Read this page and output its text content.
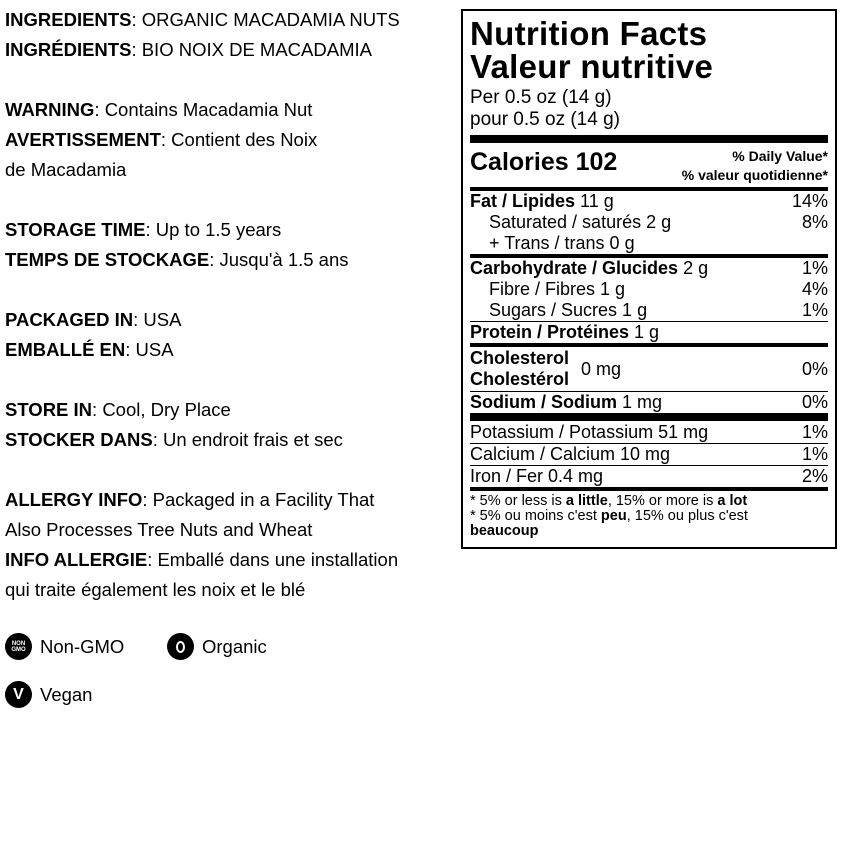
INGREDIENTS: ORGANIC MACADAMIA NUTS
INGRÉDIENTS: BIO NOIX DE MACADAMIA
WARNING: Contains Macadamia Nut
AVERTISSEMENT: Contient des Noix
de Macadamia
STORAGE TIME: Up to 1.5 years
TEMPS DE STOCKAGE: Jusqu'à 1.5 ans
PACKAGED IN: USA
EMBALLÉ EN: USA
STORE IN: Cool, Dry Place
STOCKER DANS: Un endroit frais et sec
ALLERGY INFO: Packaged in a Facility That
Also Processes Tree Nuts and Wheat
INFO ALLERGIE: Emballé dans une installation
qui traite également les noix et le blé
NON
GMO Non-GMO	Organic
V Vegan
Nutrition Facts
Valeur nutritive
Per 0.5 oz (14 g)
pour 0.5 oz (14 g)
Calories 102	% Daily Value*
% valeur quotidienne*
Fat / Lipides 11 g	14%
Saturated / saturés 2 g	8%
+ Trans / trans 0 g
Carbohydrate / Glucides 2 g	1%
Fibre / Fibres 1 g	4%
Sugars / Sucres 1 g	1%
Protein / Protéines 1 g
Cholesterol
Cholestérol
0 mg	0%
Sodium / Sodium 1 mg	0%
Potassium / Potassium 51 mg	1%
Calcium / Calcium 10 mg	1%
Iron / Fer 0.4 mg	2%
* 5% or less is a little, 15% or more is a lot
* 5% ou moins c'est peu, 15% ou plus c'est
beaucoup
